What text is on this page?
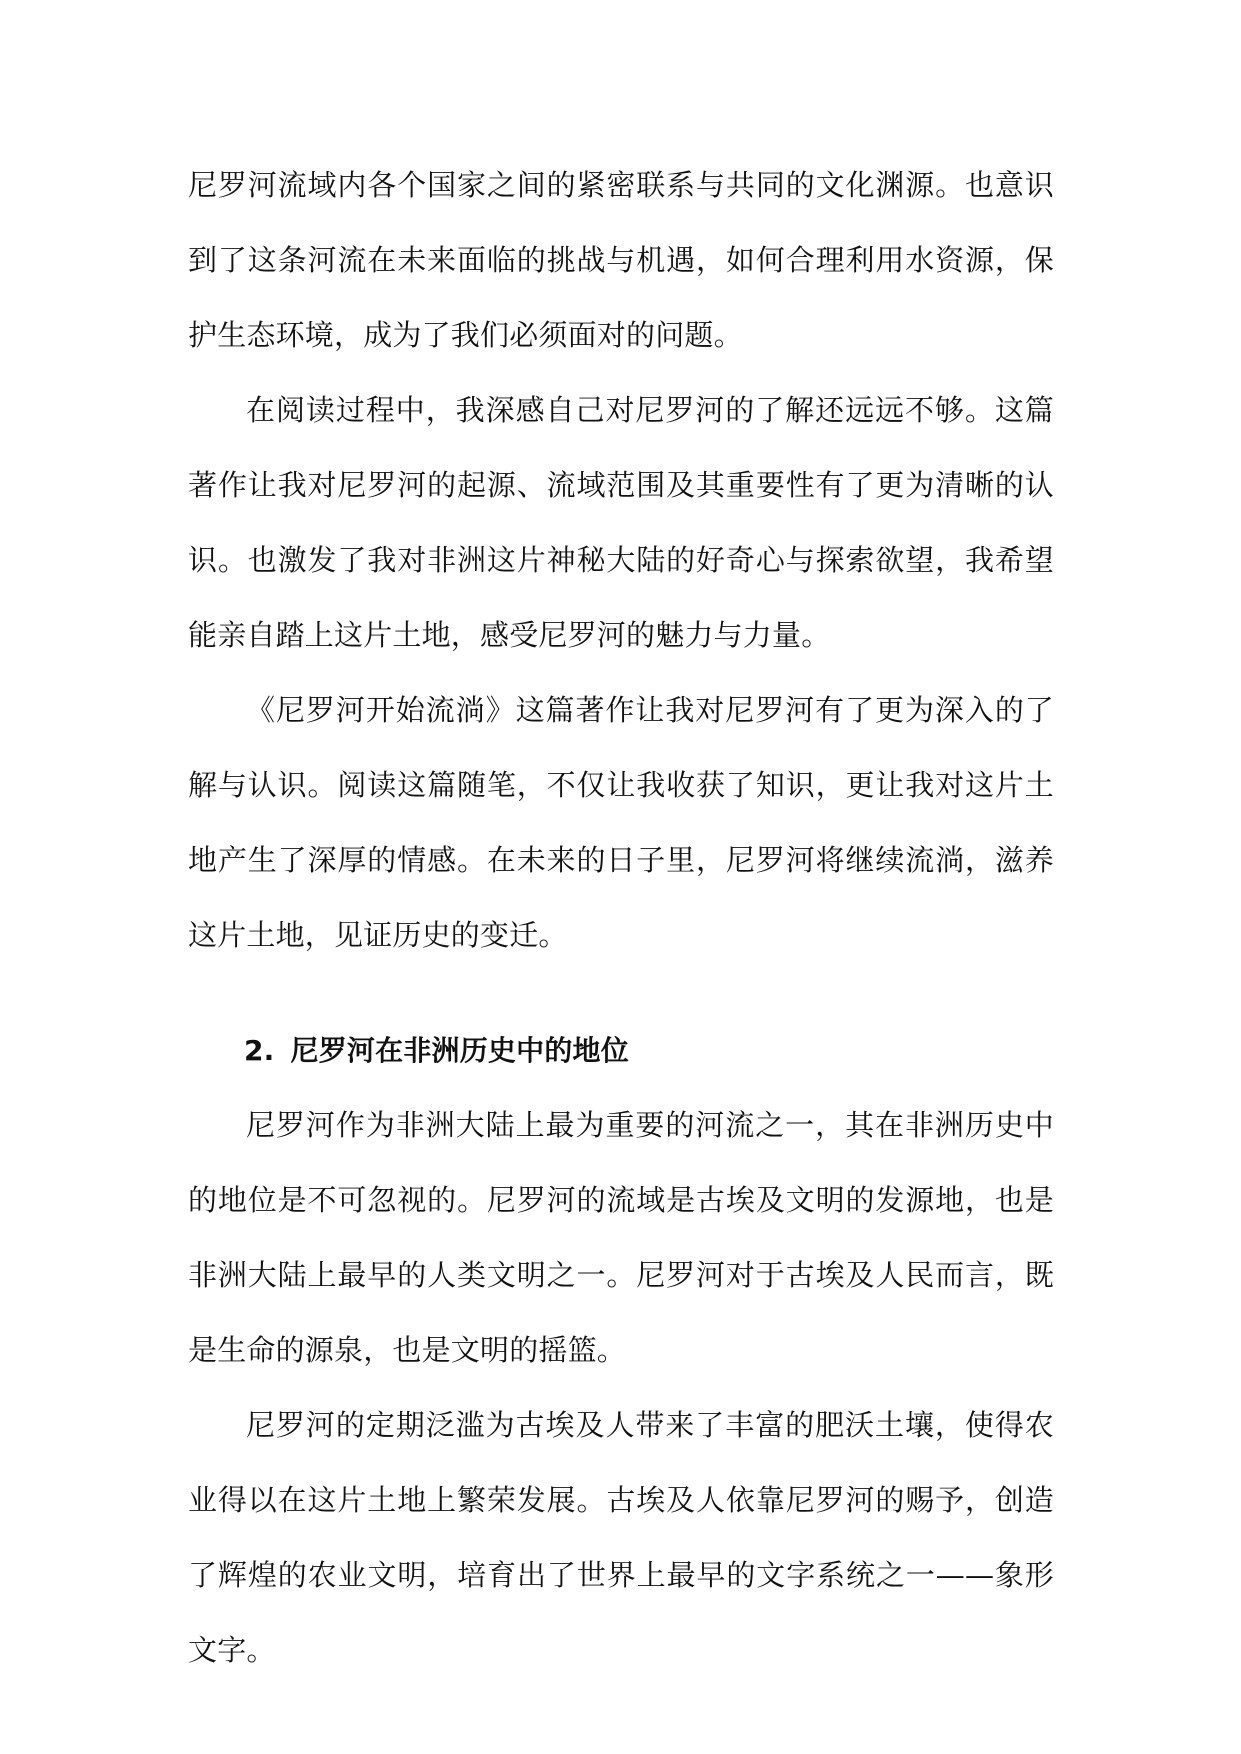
尼罗河流域内各个国家之间的紧密联系与共同的文化渊源。也意识到了这条河流在未来面临的挑战与机遇，如何合理利用水资源，保护生态环境，成为了我们必须面对的问题。

在阅读过程中，我深感自己对尼罗河的了解还远远不够。这篇著作让我对尼罗河的起源、流域范围及其重要性有了更为清晰的认识。也激发了我对非洲这片神秘大陆的好奇心与探索欲望，我希望能亲自踏上这片土地，感受尼罗河的魅力与力量。

《尼罗河开始流淌》这篇著作让我对尼罗河有了更为深入的了解与认识。阅读这篇随笔，不仅让我收获了知识，更让我对这片土地产生了深厚的情感。在未来的日子里，尼罗河将继续流淌，滋养这片土地，见证历史的变迁。

2. 尼罗河在非洲历史中的地位

尼罗河作为非洲大陆上最为重要的河流之一，其在非洲历史中的地位是不可忽视的。尼罗河的流域是古埃及文明的发源地，也是非洲大陆上最早的人类文明之一。尼罗河对于古埃及人民而言，既是生命的源泉，也是文明的摇篮。

尼罗河的定期泛滥为古埃及人带来了丰富的肥沃土壤，使得农业得以在这片土地上繁荣发展。古埃及人依靠尼罗河的赐予，创造了辉煌的农业文明，培育出了世界上最早的文字系统之一——象形文字。
